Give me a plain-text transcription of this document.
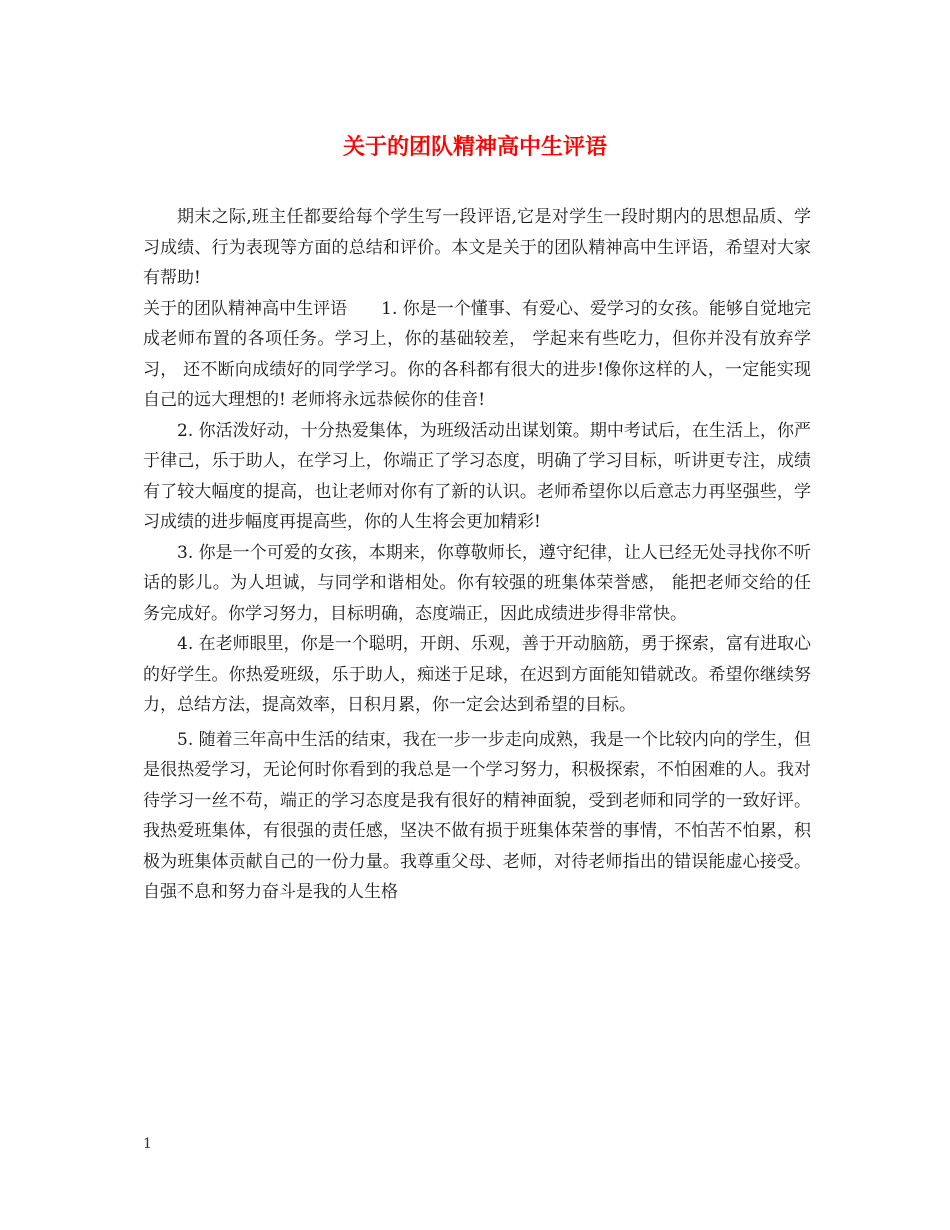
关于的团队精神高中生评语

期末之际,班主任都要给每个学生写一段评语,它是对学生一段时期内的思想品质、学习成绩、行为表现等方面的总结和评价。本文是关于的团队精神高中生评语，希望对大家有帮助!

关于的团队精神高中生评语　　1. 你是一个懂事、有爱心、爱学习的女孩。能够自觉地完成老师布置的各项任务。学习上，你的基础较差， 学起来有些吃力，但你并没有放弃学习， 还不断向成绩好的同学学习。你的各科都有很大的进步!像你这样的人，一定能实现自己的远大理想的! 老师将永远恭候你的佳音!

2. 你活泼好动，十分热爱集体，为班级活动出谋划策。期中考试后，在生活上，你严于律己，乐于助人，在学习上，你端正了学习态度，明确了学习目标，听讲更专注，成绩有了较大幅度的提高，也让老师对你有了新的认识。老师希望你以后意志力再坚强些，学习成绩的进步幅度再提高些，你的人生将会更加精彩!

3. 你是一个可爱的女孩，本期来，你尊敬师长，遵守纪律，让人已经无处寻找你不听话的影儿。为人坦诚，与同学和谐相处。你有较强的班集体荣誉感， 能把老师交给的任务完成好。你学习努力，目标明确，态度端正，因此成绩进步得非常快。

4. 在老师眼里，你是一个聪明，开朗、乐观，善于开动脑筋，勇于探索，富有进取心的好学生。你热爱班级，乐于助人，痴迷于足球，在迟到方面能知错就改。希望你继续努力，总结方法，提高效率，日积月累，你一定会达到希望的目标。

5. 随着三年高中生活的结束，我在一步一步走向成熟，我是一个比较内向的学生，但是很热爱学习，无论何时你看到的我总是一个学习努力，积极探索，不怕困难的人。我对待学习一丝不苟，端正的学习态度是我有很好的精神面貌，受到老师和同学的一致好评。我热爱班集体，有很强的责任感，坚决不做有损于班集体荣誉的事情，不怕苦不怕累，积极为班集体贡献自己的一份力量。我尊重父母、老师，对待老师指出的错误能虚心接受。自强不息和努力奋斗是我的人生格

1
